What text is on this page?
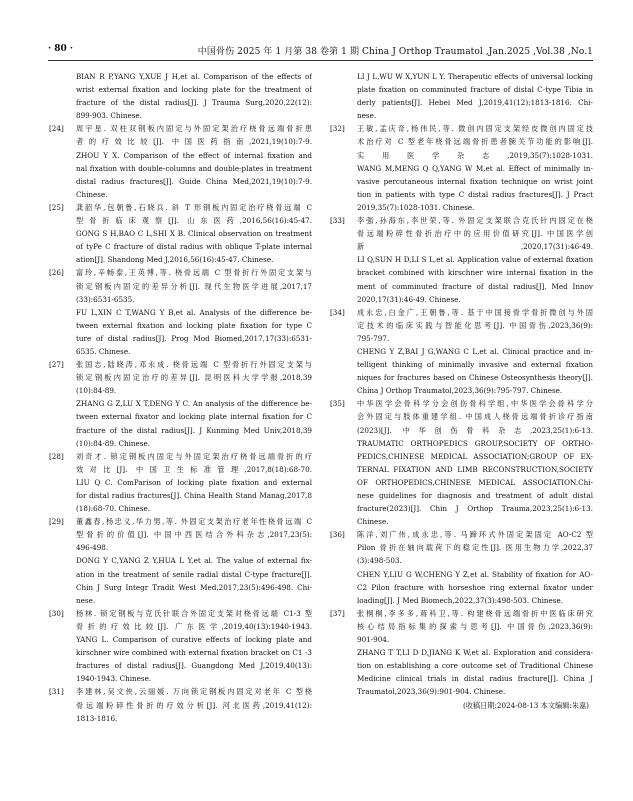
· 80 ·	中国骨伤 2025 年 1 月第 38 卷第 1 期 China J Orthop Traumatol ,Jan.2025 ,Vol.38 ,No.1
BIAN R P,YANG Y,XUE J H,et al. Comparison of the effects of
wrist external fixation and locking plate for the treatment of
fracture of the distal radius[J]. J Trauma Surg,2020,22(12):
899-903. Chinese.
[24] 周宇星. 双柱双钢板内固定与外固定架治疗桡骨远端骨折患
者的疗效比较[J]. 中国医药指南,2021,19(10):7-9.
ZHOU Y X. Comparison of the effect of internal fixation and
nal fixation with double-columns and double-plates in treatment
distal radius fractures[J]. Guide China Med,2021,19(10):7-9.
Chinese.
[25] 龚韶华,包朝鲁,石晓兵. 斜 T 形钢板内固定治疗桡骨远端 C
型骨折临床观察[J]. 山东医药,2016,56(16):45-47.
GONG S H,BAO C L,SHI X B. Clinical observation on treatment
of tyPe C fracture of distal radius with oblique T-plate internal
ation[J]. Shandong Med J,2016,56(16):45-47. Chinese.
[26] 富玲,辛畅泰,王英博,等. 桡骨远端 C 型骨折行外固定支架与
锁定钢板内固定的差异分析[J]. 现代生物医学进展,2017,17
(33):6531-6535.
FU L,XIN C T,WANG Y B,et al. Analysis of the difference be-
tween external fixation and locking plate fixation for type C
ture of distal radius[J]. Prog Mod Biomed,2017,17(33):6531-
6535. Chinese.
[27] 张国志,陆晓涛,邓永成. 桡骨远端 C 型骨折行外固定支架与
锁定钢板内固定治疗的差异[J]. 昆明医科大学学报,2018,39
(10):84-89.
ZHANG G Z,LU X T,DENG Y C. An analysis of the difference be-
tween external fixator and locking plate internal fixation for C
fracture of the distal radius[J]. J Kunming Med Univ,2018,39
(10):84-89. Chinese.
[28] 刘奇才. 锁定钢板内固定与外固定架治疗桡骨远端骨折的疗
效对比[J]. 中国卫生标准管理,2017,8(18):68-70.
LIU Q C. ComParison of locking plate fixation and external
for distal radius fractures[J]. China Health Stand Manag,2017,8
(18):68-70. Chinese.
[29] 董鑫春,杨忠义,华力男,等. 外固定支架治疗老年性桡骨远端 C
型骨折的价值[J]. 中国中西医结合外科杂志,2017,23(5):
496-498.
DONG Y C,YANG Z Y,HUA L Y,et al. The value of external fix-
ation in the treatment of senile radial distal C-type fracture[J].
Chin J Surg Integr Tradit West Med,2017,23(5):496-498. Chi-
nese.
[30] 杨林. 锁定钢板与克氏针联合外固定支架对桡骨远端 C1-3 型
骨折的疗效比较[J]. 广东医学,2019,40(13):1940-1943.
YANG L. Comparison of curative effects of locking plate and
kirschner wire combined with external fixation bracket on C1 -3
fractures of distal radius[J]. Guangdong Med J,2019,40(13):
1940-1943. Chinese.
[31] 李建林,吴文侠,云丽媛. 万向锁定钢板内固定对老年 C 型桡
骨远端粉碎性骨折的疗效分析[J]. 河北医药,2019,41(12):
1813-1816.
LI J L,WU W X,YUN L Y. Therapeutic effects of universal locking
plate fixation on comminuted fracture of distal C-type Tibia in
derly patients[J]. Hebei Med J,2019,41(12):1813-1816. Chi-
nese.
[32] 王敏,孟庆奇,杨伟民,等. 微创内固定支架经皮微创内固定技
术治疗对 C 型老年桡骨远端骨折患者腕关节功能的影响[J].
实用医学杂志,2019,35(7):1028-1031.
WANG M,MENG Q Q,YANG W M,et al. Effect of minimally in-
vasive percutaneous internal fixation technique on wrist joint
tion in patients with type C distal radius fractures[J]. J Pract
2019,35(7):1028-1031. Chinese.
[33] 李强,孙海东,李世荣,等. 外固定支架联合克氏针内固定在桡
骨远端粉碎性骨折治疗中的应用价值研究[J]. 中国医学创
新,2020,17(31):46-49.
LI Q,SUN H D,LI S L,et al. Application value of external fixation
bracket combined with kirschner wire internal fixation in the
ment of comminuted fracture of distal radius[J]. Med Innov
2020,17(31):46-49. Chinese.
[34] 成永忠,白金广,王朝鲁,等. 基于中国接骨学骨折微创与外固
定技术的临床实践与智能化思考[J]. 中国骨伤,2023,36(9):
795-797.
CHENG Y Z,BAI J G,WANG C L,et al. Clinical practice and in-
telligent thinking of minimally invasive and external fixation
niques for fractures based on Chinese Osteosynthesis theory[J].
China J Orthop Traumatol,2023,36(9):795-797. Chinese.
[35] 中华医学会骨科学分会创伤骨科学组,中华医学会骨科学分
会外固定与肢体重建学组. 中国成人桡骨远端骨折诊疗指南
(2023)[J]. 中华创伤骨科杂志,2023,25(1):6-13.
TRAUMATIC ORTHOPEDICS GROUP,SOCIETY OF ORTHO-
PEDICS,CHINESE MEDICAL ASSOCIATION;GROUP OF EX-
TERNAL FIXATION AND LIMB RECONSTRUCTION,SOCIETY
OF ORTHOPEDICS,CHINESE MEDICAL ASSOCIATION.Chi-
nese guidelines for diagnosis and treatment of adult distal
fracture(2023)[J]. Chin J Orthop Trauma,2023,25(1):6-13.
Chinese.
[36] 陈洋,刘广伟,成永忠,等. 马蹄环式外固定架固定 AO-C2 型
Pilon 骨折在轴向载荷下的稳定性[J]. 医用生物力学,2022,37
(3):498-503.
CHEN Y,LIU G W,CHENG Y Z,et al. Stability of fixation for AO-
C2 Pilon fracture with horseshoe ring external fixator under
loading[J]. J Med Biomech,2022,37(3):498-503. Chinese.
[37] 张桐桐,李多多,蒋科卫,等. 构建桡骨远端骨折中医临床研究
核心结局指标集的探索与思考[J]. 中国骨伤,2023,36(9):
901-904.
ZHANG T T,LI D D,JIANG K W,et al. Exploration and considera-
tion on establishing a core outcome set of Traditional Chinese
Medicine clinical trials in distal radius fracture[J]. China J
Traumatol,2023,36(9):901-904. Chinese.
(收稿日期:2024-08-13 本文编辑:朱嘉)
